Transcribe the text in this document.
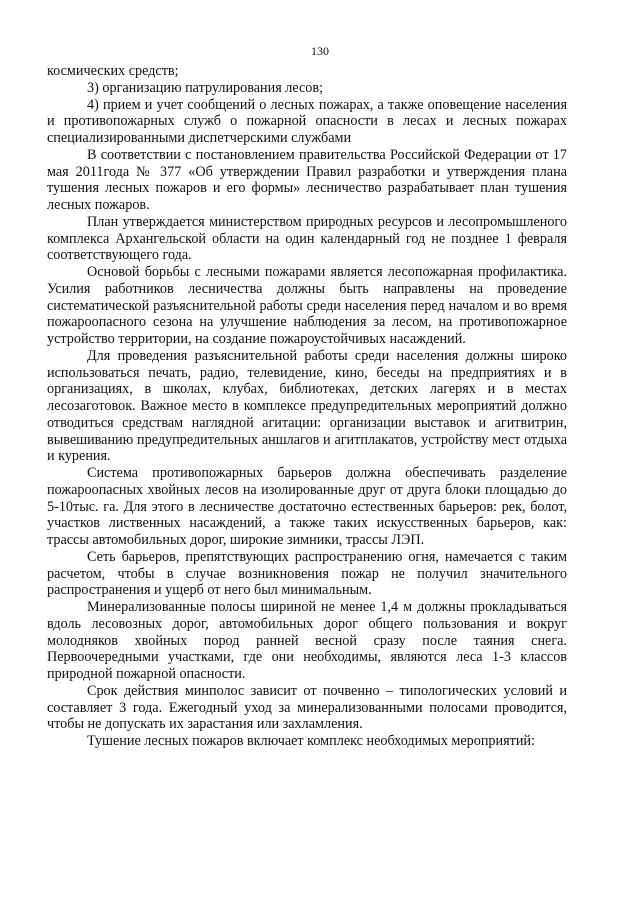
130

космических средств;

3) организацию патрулирования лесов;

4) прием и учет сообщений о лесных пожарах, а также оповещение населения и противопожарных служб о пожарной опасности в лесах и лесных пожарах специализированными диспетчерскими службами

В соответствии с постановлением правительства Российской Федерации от 17 мая 2011года № 377 «Об утверждении Правил разработки и утверждения плана тушения лесных пожаров и его формы» лесничество разрабатывает план тушения лесных пожаров.

План утверждается министерством природных ресурсов и лесопромышленого комплекса Архангельской области на один календарный год не позднее 1 февраля соответствующего года.

Основой борьбы с лесными пожарами является лесопожарная профилактика. Усилия работников лесничества должны быть направлены на проведение систематической разъяснительной работы среди населения перед началом и во время пожароопасного сезона на улучшение наблюдения за лесом, на противопожарное устройство территории, на создание пожароустойчивых насаждений.

Для проведения разъяснительной работы среди населения должны широко использоваться печать, радио, телевидение, кино, беседы на предприятиях и в организациях, в школах, клубах, библиотеках, детских лагерях и в местах лесозаготовок. Важное место в комплексе предупредительных мероприятий должно отводиться средствам наглядной агитации: организации выставок и агитвитрин, вывешиванию предупредительных аншлагов и агитплакатов, устройству мест отдыха и курения.

Система противопожарных барьеров должна обеспечивать разделение пожароопасных хвойных лесов на изолированные друг от друга блоки площадью до 5-10тыс. га. Для этого в лесничестве достаточно естественных барьеров: рек, болот, участков лиственных насаждений, а также таких искусственных барьеров, как: трассы автомобильных дорог, широкие зимники, трассы ЛЭП.

Сеть барьеров, препятствующих распространению огня, намечается с таким расчетом, чтобы в случае возникновения пожар не получил значительного распространения и ущерб от него был минимальным.

Минерализованные полосы шириной не менее 1,4 м должны прокладываться вдоль лесовозных дорог, автомобильных дорог общего пользования и вокруг молодняков хвойных пород ранней весной сразу после таяния снега. Первоочередными участками, где они необходимы, являются леса 1-3 классов природной пожарной опасности.

Срок действия минполос зависит от почвенно – типологических условий и составляет 3 года. Ежегодный уход за минерализованными полосами проводится, чтобы не допускать их зарастания или захламления.

Тушение лесных пожаров включает комплекс необходимых мероприятий:
